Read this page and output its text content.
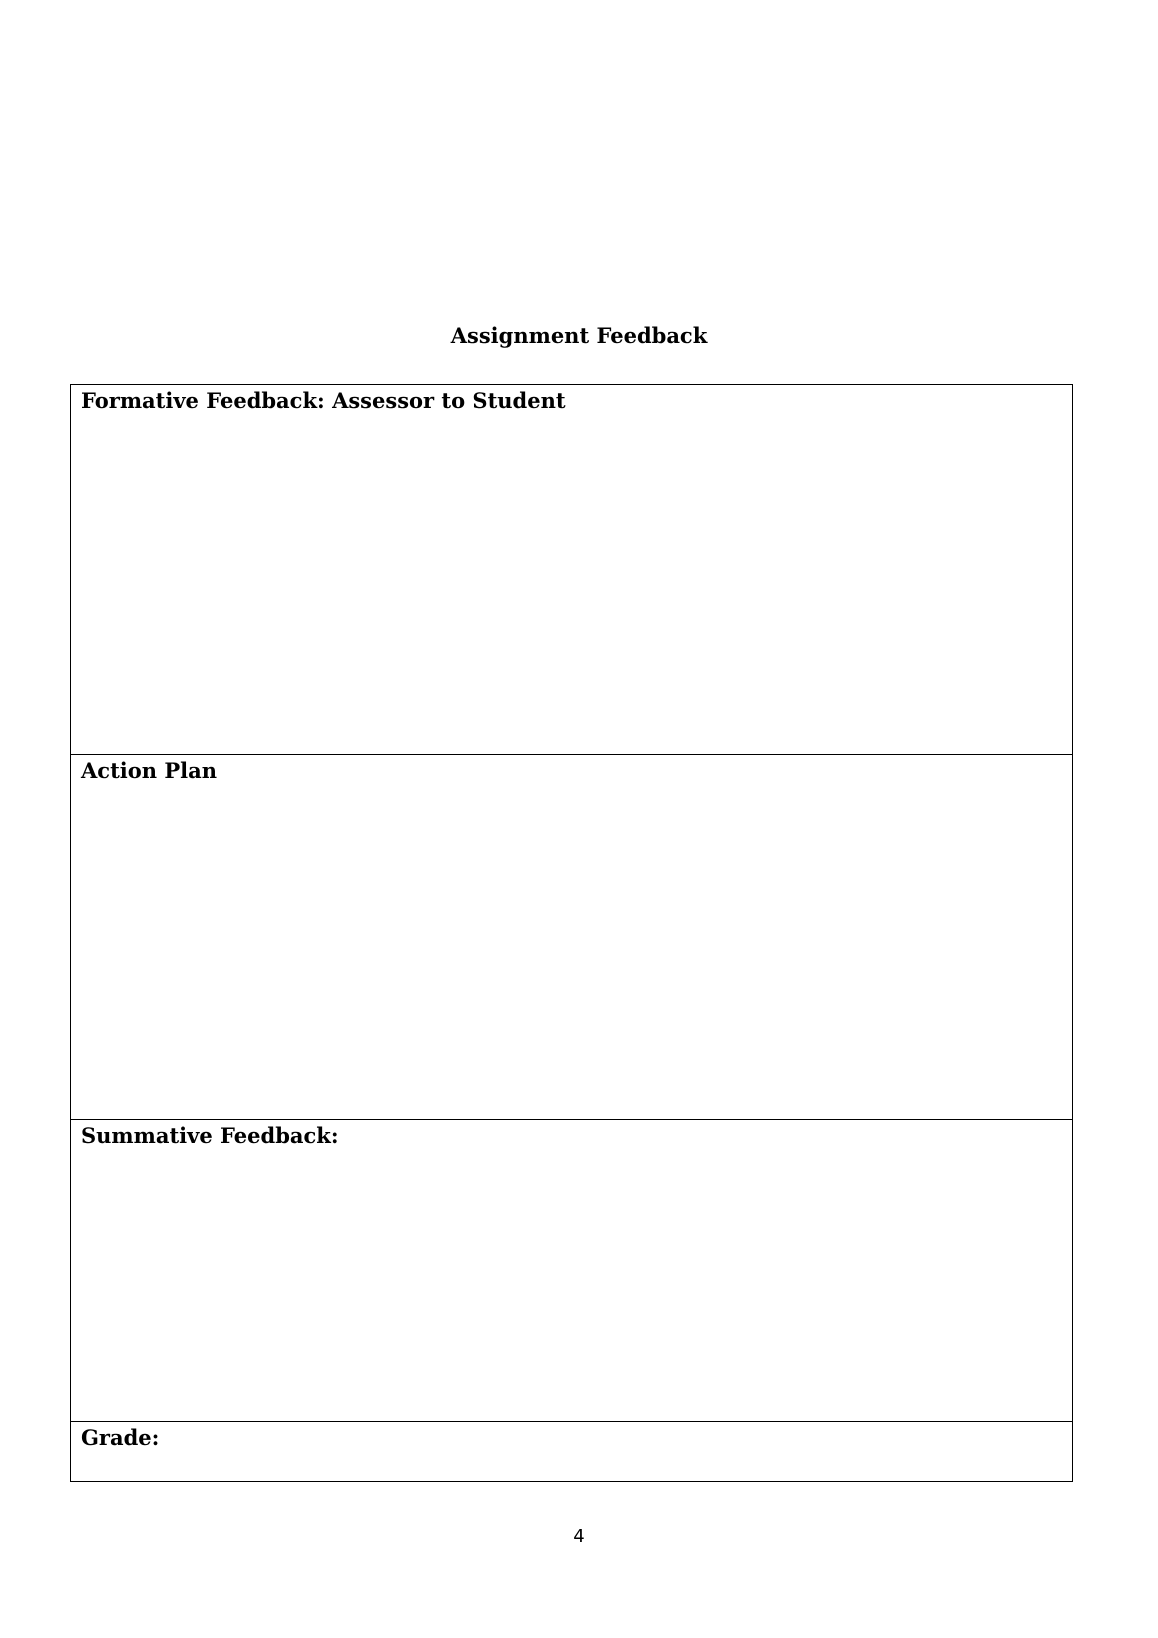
Assignment Feedback
Formative Feedback: Assessor to Student

Action Plan

Summative Feedback:

Grade:
4
